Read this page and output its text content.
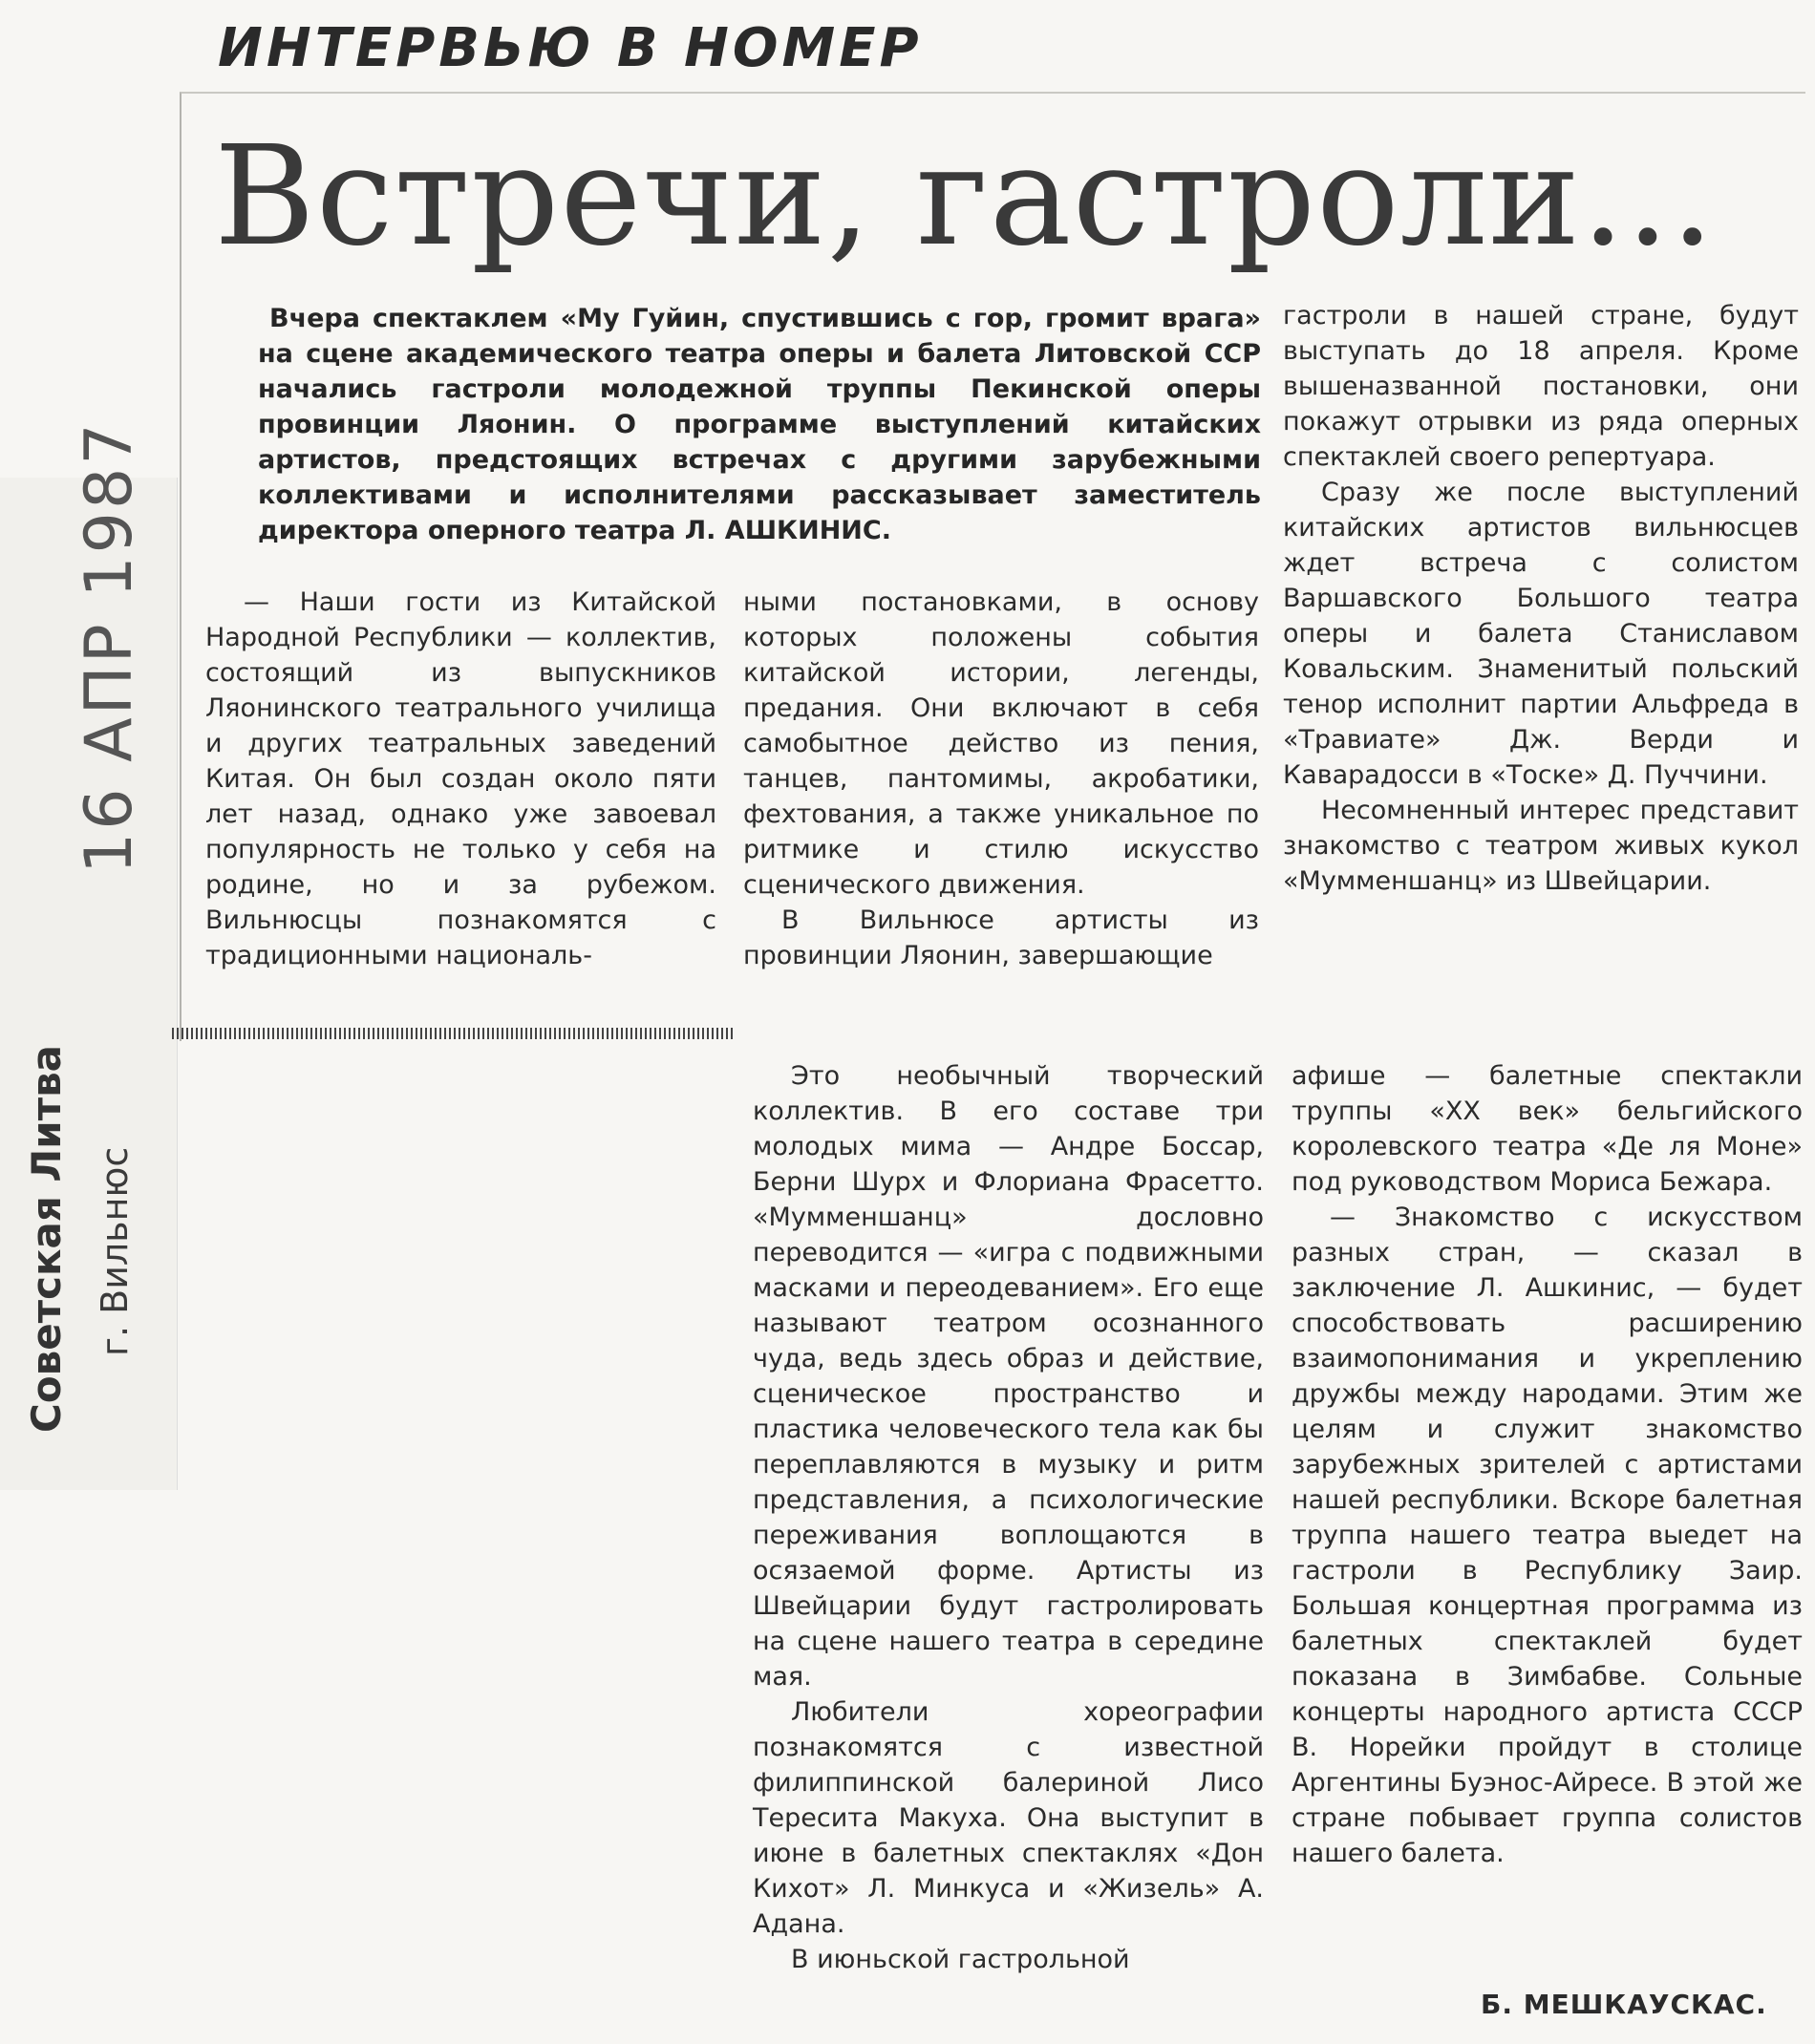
16 АПР 1987
Советская Литва г. Вильнюс
ИНТЕРВЬЮ В НОМЕР
Встречи, гастроли...

Вчера спектаклем «Му Гуйин, спустившись с гор, громит врага» на сцене академического театра оперы и балета Литовской ССР начались гастроли молодежной труппы Пекинской оперы провинции Ляонин. О программе выступлений китайских артистов, предстоящих встречах с другими зарубежными коллективами и исполнителями рассказывает заместитель директора оперного театра Л. АШКИНИС.

— Наши гости из Китайской Народной Республики — коллектив, состоящий из выпускников Ляонинского театрального училища и других театральных заведений Китая. Он был создан около пяти лет назад, однако уже завоевал популярность не только у себя на родине, но и за рубежом. Вильнюсцы познакомятся с традиционными националь-

ными постановками, в основу которых положены события китайской истории, легенды, предания. Они включают в себя самобытное действо из пения, танцев, пантомимы, акробатики, фехтования, а также уникальное по ритмике и стилю искусство сценического движения.

В Вильнюсе артисты из провинции Ляонин, завершающие

гастроли в нашей стране, будут выступать до 18 апреля. Кроме вышеназванной постановки, они покажут отрывки из ряда оперных спектаклей своего репертуара.

Сразу же после выступлений китайских артистов вильнюсцев ждет встреча с солистом Варшавского Большого театра оперы и балета Станиславом Ковальским. Знаменитый польский тенор исполнит партии Альфреда в «Травиате» Дж. Верди и Каварадосси в «Тоске» Д. Пуччини.

Несомненный интерес представит знакомство с театром живых кукол «Мумменшанц» из Швейцарии.

Это необычный творческий коллектив. В его составе три молодых мима — Андре Боссар, Берни Шурх и Флориана Фрасетто. «Мумменшанц» дословно переводится — «игра с подвижными масками и переодеванием». Его еще называют театром осознанного чуда, ведь здесь образ и действие, сценическое пространство и пластика человеческого тела как бы переплавляются в музыку и ритм представления, а психологические переживания воплощаются в осязаемой форме. Артисты из Швейцарии будут гастролировать на сцене нашего театра в середине мая.

Любители хореографии познакомятся с известной филиппинской балериной Лисо Тересита Макуха. Она выступит в июне в балетных спектаклях «Дон Кихот» Л. Минкуса и «Жизель» А. Адана.

В июньской гастрольной

афише — балетные спектакли труппы «XX век» бельгийского королевского театра «Де ля Моне» под руководством Мориса Бежара.

— Знакомство с искусством разных стран, — сказал в заключение Л. Ашкинис, — будет способствовать расширению взаимопонимания и укреплению дружбы между народами. Этим же целям и служит знакомство зарубежных зрителей с артистами нашей республики. Вскоре балетная труппа нашего театра выедет на гастроли в Республику Заир. Большая концертная программа из балетных спектаклей будет показана в Зимбабве. Сольные концерты народного артиста СССР В. Норейки пройдут в столице Аргентины Буэнос-Айресе. В этой же стране побывает группа солистов нашего балета.

Б. МЕШКАУСКАС.
